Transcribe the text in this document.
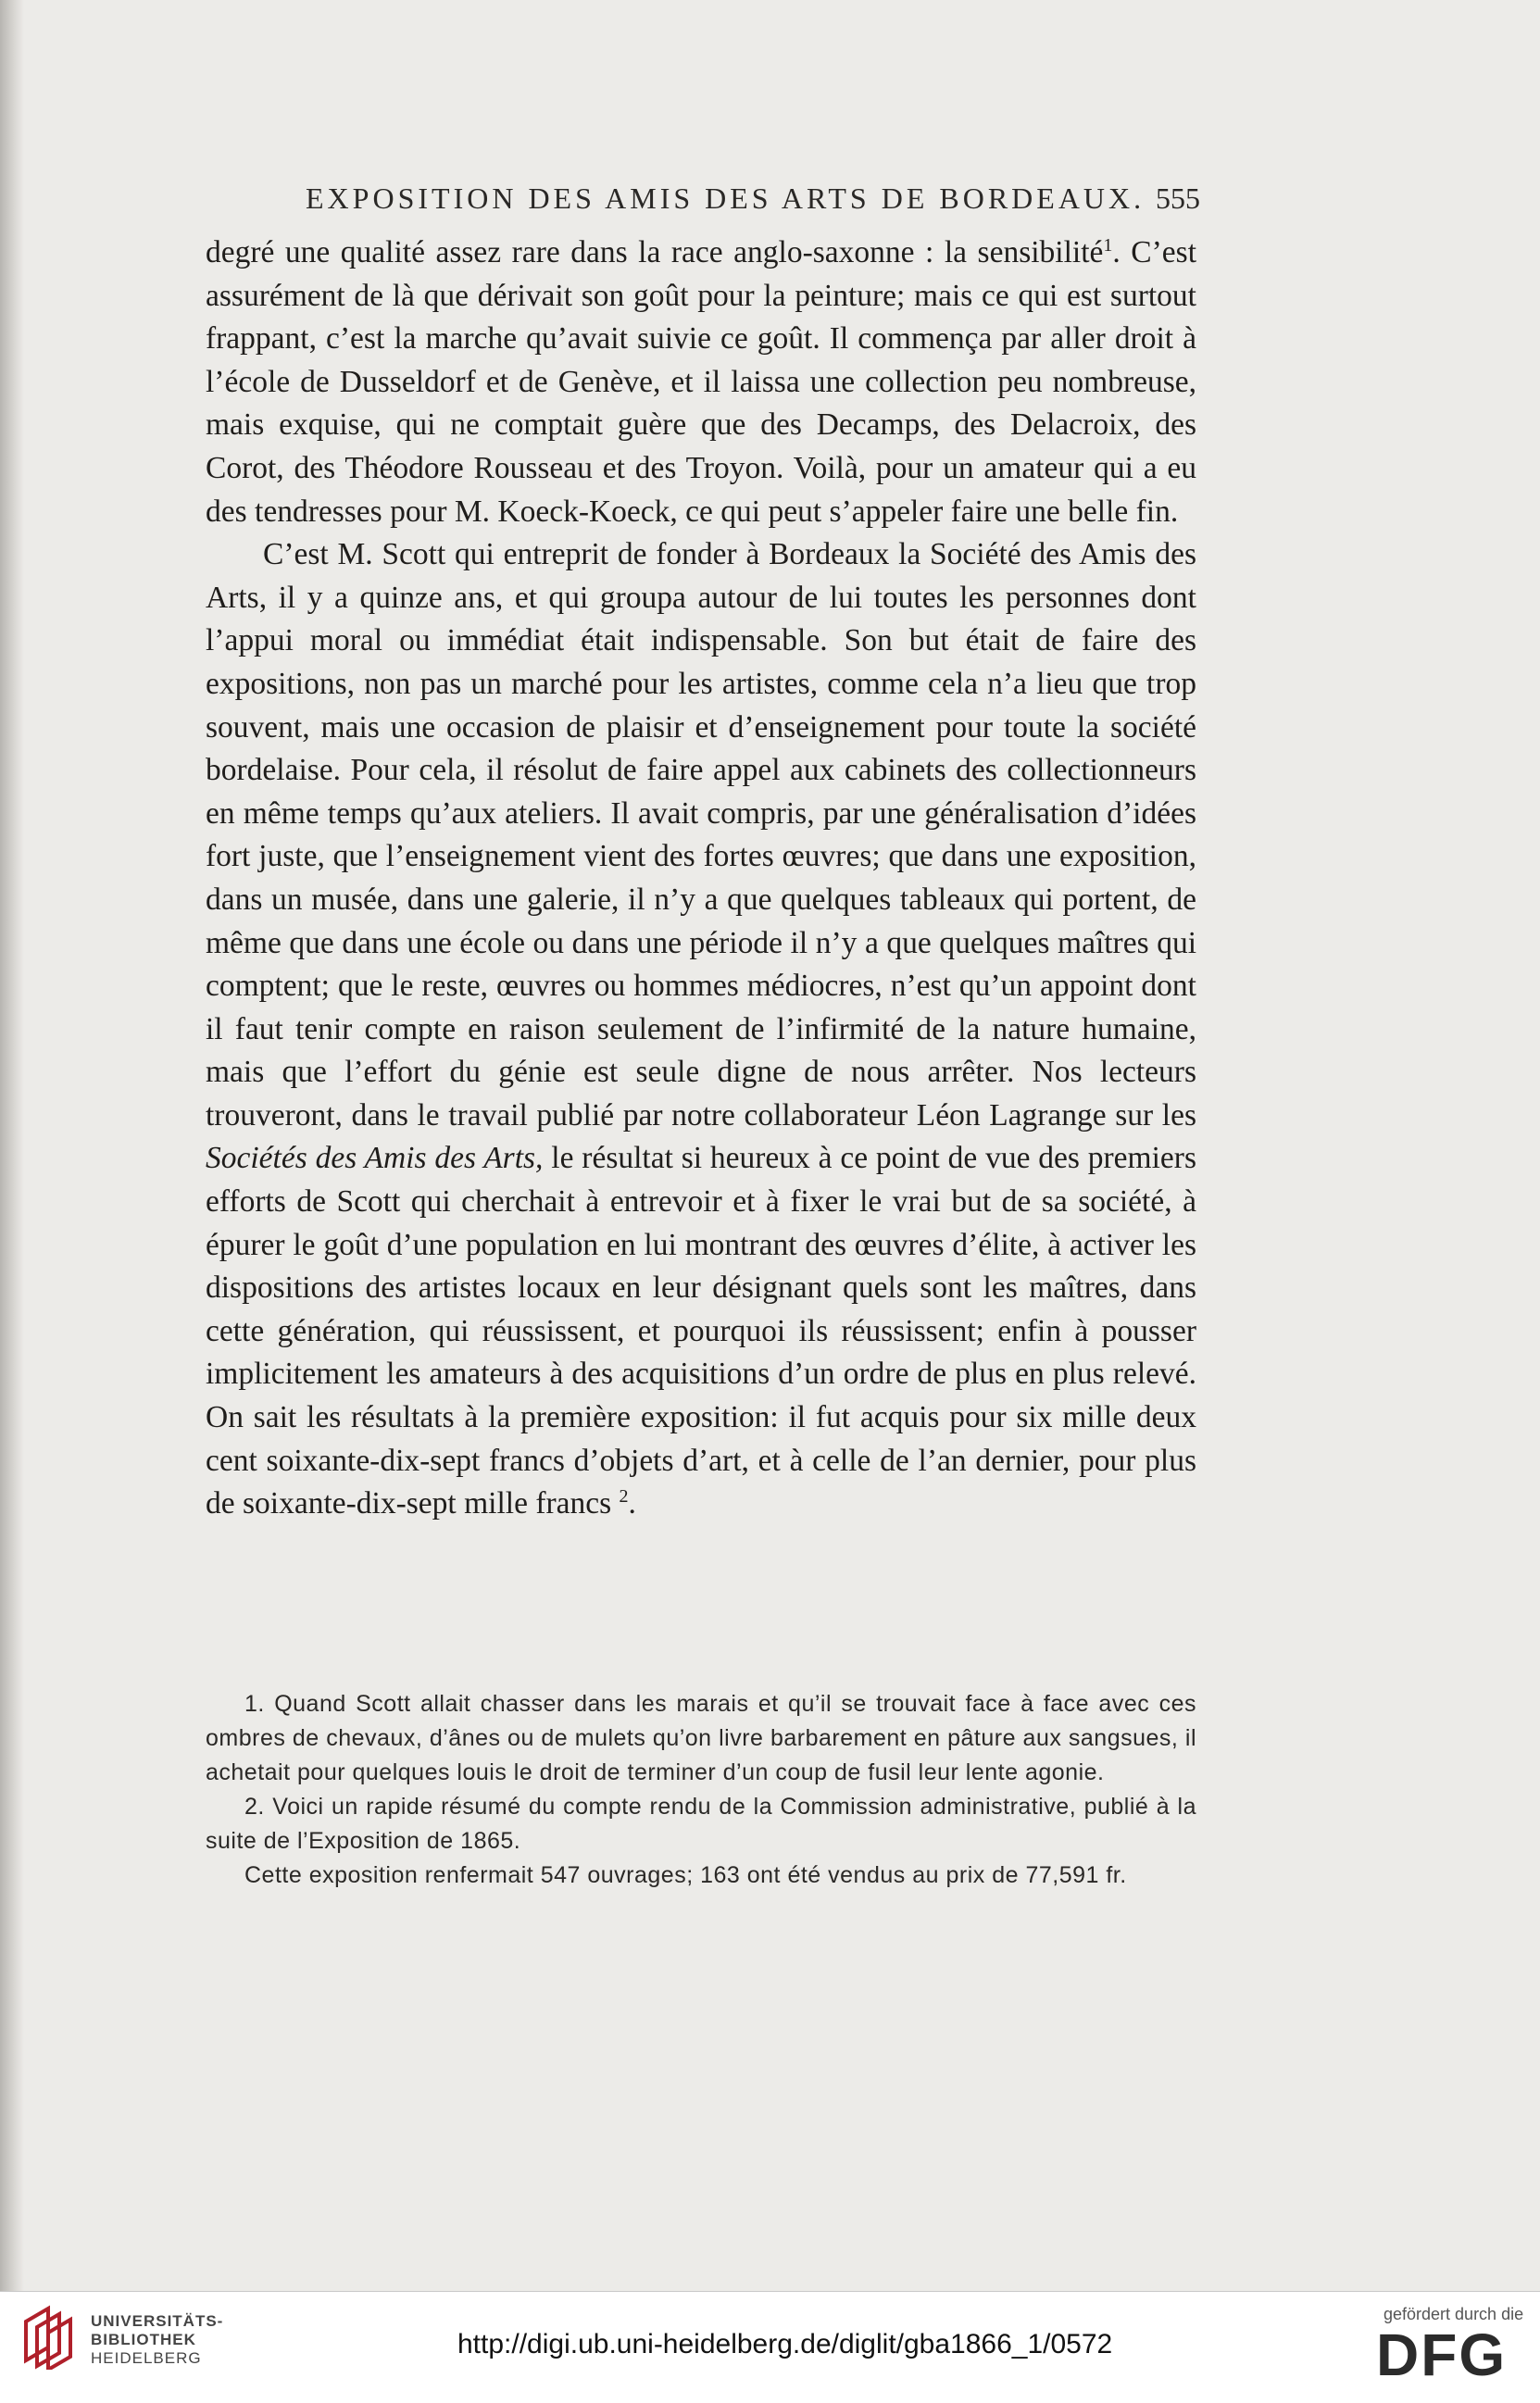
EXPOSITION DES AMIS DES ARTS DE BORDEAUX. 555

degré une qualité assez rare dans la race anglo-saxonne : la sensibilité$^1$. C’est assurément de là que dérivait son goût pour la peinture; mais ce qui est surtout frappant, c’est la marche qu’avait suivie ce goût. Il commença par aller droit à l’école de Dusseldorf et de Genève, et il laissa une collection peu nombreuse, mais exquise, qui ne comptait guère que des Decamps, des Delacroix, des Corot, des Théodore Rousseau et des Troyon. Voilà, pour un amateur qui a eu des tendresses pour M. Koeck-Koeck, ce qui peut s’appeler faire une belle fin.

C’est M. Scott qui entreprit de fonder à Bordeaux la Société des Amis des Arts, il y a quinze ans, et qui groupa autour de lui toutes les personnes dont l’appui moral ou immédiat était indispensable. Son but était de faire des expositions, non pas un marché pour les artistes, comme cela n’a lieu que trop souvent, mais une occasion de plaisir et d’enseignement pour toute la société bordelaise. Pour cela, il résolut de faire appel aux cabinets des collectionneurs en même temps qu’aux ateliers. Il avait compris, par une généralisation d’idées fort juste, que l’enseignement vient des fortes œuvres; que dans une exposition, dans un musée, dans une galerie, il n’y a que quelques tableaux qui portent, de même que dans une école ou dans une période il n’y a que quelques maîtres qui comptent; que le reste, œuvres ou hommes médiocres, n’est qu’un appoint dont il faut tenir compte en raison seulement de l’infirmité de la nature humaine, mais que l’effort du génie est seule digne de nous arrêter. Nos lecteurs trouveront, dans le travail publié par notre collaborateur Léon Lagrange sur les Sociétés des Amis des Arts, le résultat si heureux à ce point de vue des premiers efforts de Scott qui cherchait à entrevoir et à fixer le vrai but de sa société, à épurer le goût d’une population en lui montrant des œuvres d’élite, à activer les dispositions des artistes locaux en leur désignant quels sont les maîtres, dans cette génération, qui réussissent, et pourquoi ils réussissent; enfin à pousser implicitement les amateurs à des acquisitions d’un ordre de plus en plus relevé. On sait les résultats à la première exposition: il fut acquis pour six mille deux cent soixante-dix-sept francs d’objets d’art, et à celle de l’an dernier, pour plus de soixante-dix-sept mille francs $^2$.

1. Quand Scott allait chasser dans les marais et qu’il se trouvait face à face avec ces ombres de chevaux, d’ânes ou de mulets qu’on livre barbarement en pâture aux sangsues, il achetait pour quelques louis le droit de terminer d’un coup de fusil leur lente agonie.

2. Voici un rapide résumé du compte rendu de la Commission administrative, publié à la suite de l’Exposition de 1865.

Cette exposition renfermait 547 ouvrages; 163 ont été vendus au prix de 77,591 fr.

UNIVERSITÄTS-
BIBLIOTHEK
HEIDELBERG	http://digi.ub.uni-heidelberg.de/diglit/gba1866_1/0572
gefördert durch die
DFG
